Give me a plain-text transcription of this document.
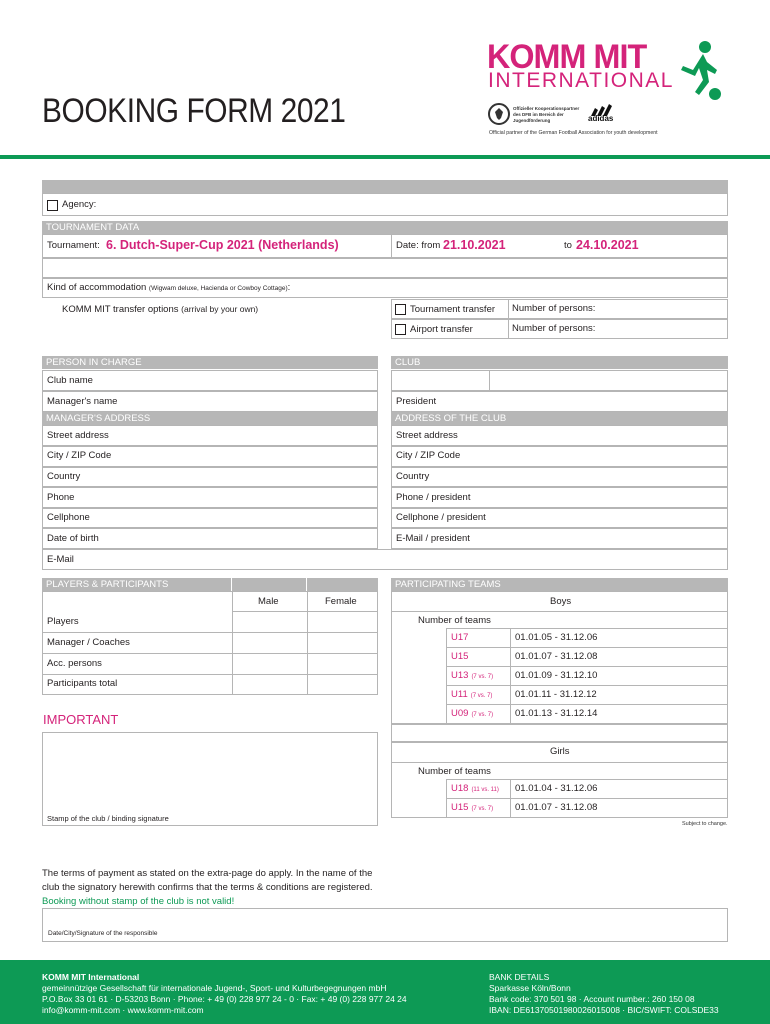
BOOKING FORM 2021
KOMM MIT
INTERNATIONAL
Offizieller Kooperationspartner des DFB im Bereich der Jugendförderung	adidas
Official partner of the German Football Association for youth development
Agency:
TOURNAMENT DATA
Tournament: 6. Dutch-Super-Cup 2021 (Netherlands)	Date: from 21.10.2021	to 24.10.2021
Kind of accommodation (Wigwam deluxe, Hacienda or Cowboy Cottage):
KOMM MIT transfer options (arrival by your own)	Tournament transfer Number of persons:
Airport transfer	Number of persons:
PERSON IN CHARGE
Club name
Manager's name
MANAGER'S ADDRESS
Street address
City / ZIP Code
Country
Phone
Cellphone
Date of birth
E-Mail
CLUB
President
ADDRESS OF THE CLUB
Street address
City / ZIP Code
Country
Phone / president
Cellphone / president
E-Mail / president
PLAYERS & PARTICIPANTS
Male	Female
Players
Manager / Coaches
Acc. persons
Participants total
PARTICIPATING TEAMS
Boys
Number of teams
U17	01.01.05 - 31.12.06
U15	01.01.07 - 31.12.08
U13 (7 vs. 7) 01.01.09 - 31.12.10
U11 (7 vs. 7) 01.01.11 - 31.12.12
U09 (7 vs. 7) 01.01.13 - 31.12.14
Girls
Number of teams
U18 (11 vs. 11) 01.01.04 - 31.12.06
U15 (7 vs. 7) 01.01.07 - 31.12.08
Subject to change.
IMPORTANT
Stamp of the club / binding signature
The terms of payment as stated on the extra-page do apply. In the name of the
club the signatory herewith confirms that the terms & conditions are registered.
Booking without stamp of the club is not valid!
Date/City/Signature of the responsible
KOMM MIT International
gemeinnützige Gesellschaft für internationale Jugend-, Sport- und Kulturbegegnungen mbH
P.O.Box 33 01 61 · D-53203 Bonn · Phone: + 49 (0) 228 977 24 - 0 · Fax: + 49 (0) 228 977 24 24
info@komm-mit.com · www.komm-mit.com
BANK DETAILS
Sparkasse Köln/Bonn
Bank code: 370 501 98 · Account number.: 260 150 08
IBAN: DE61370501980026015008 · BIC/SWIFT: COLSDE33
